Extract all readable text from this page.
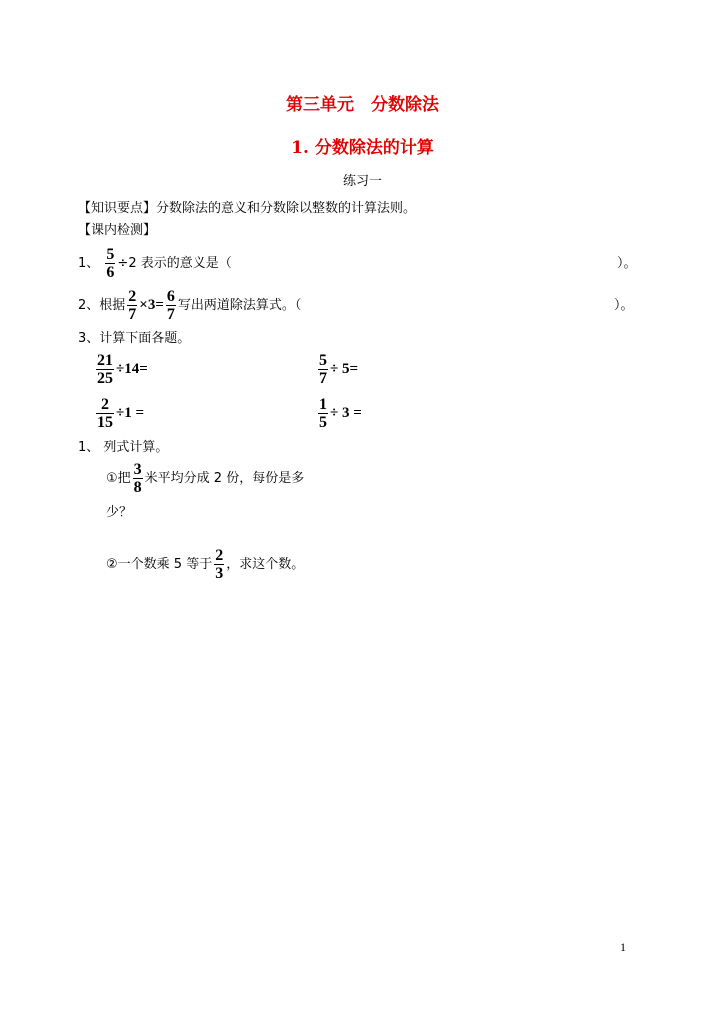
第三单元　分数除法
1. 分数除法的计算
练习一
【知识要点】分数除法的意义和分数除以整数的计算法则。
【课内检测】
1、 $\frac{5}{6} \div 2$ 表示的意义是（	）。
2、根据 $\frac{2}{7} \times 3= \frac{6}{7}$ 写出两道除法算式。（	）。
3、计算下面各题。
$\frac{21}{25} \div 14=$	$\frac{5}{7} \div 5=$
$\frac{2}{15} \div 1$ =	$\frac{1}{5} \div 3$ =
1、 列式计算。
①把 $\frac{3}{8}$ 米平均分成 2 份，每份是多
少？
②一个数乘 5 等于 $\frac{2}{3}$ ，求这个数。
1
